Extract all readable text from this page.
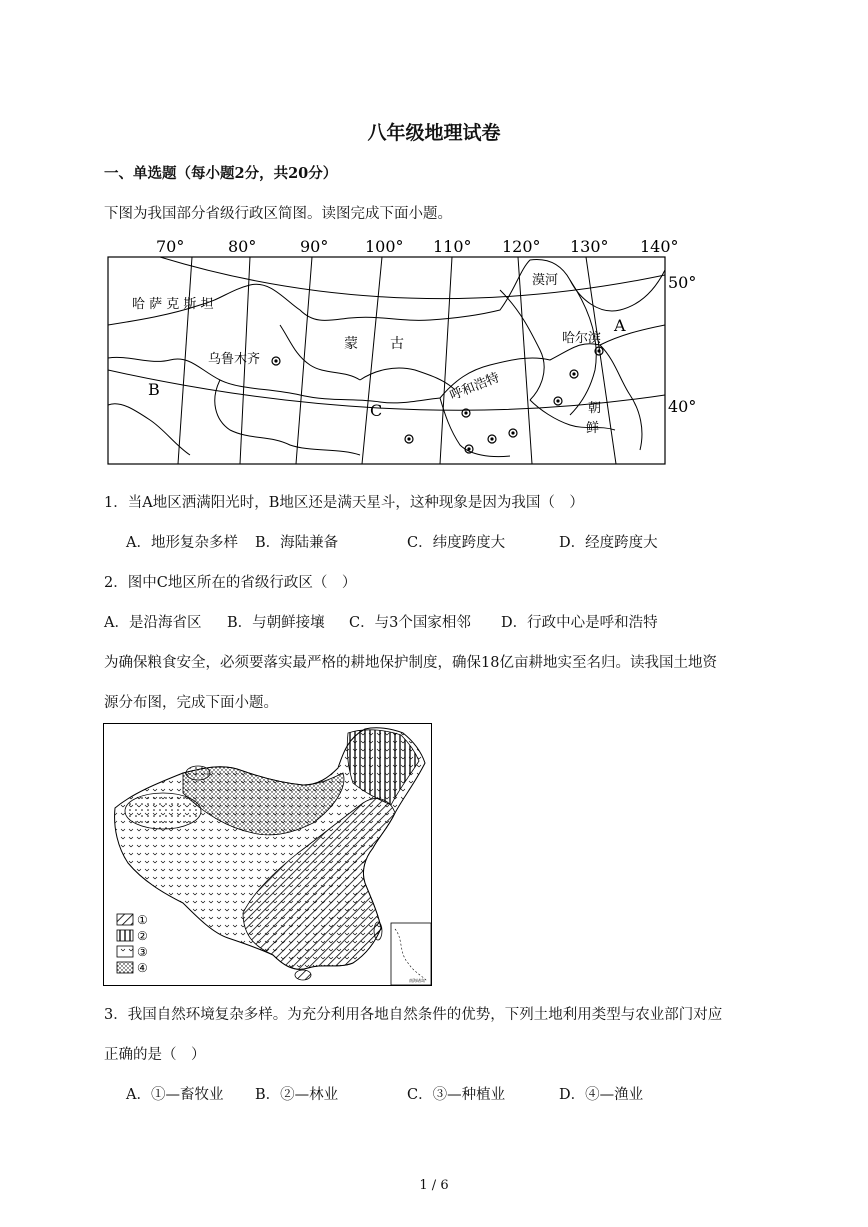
八年级地理试卷
一、单选题（每小题2分，共20分）
下图为我国部分省级行政区简图。读图完成下面小题。
70°	80°	90° 100° 110° 120° 130° 140°
50°
40°
哈 萨 克 斯 坦
蒙 古
乌鲁木齐
呼和浩特
哈尔滨
漠河
朝
鲜
A
B
C
1．当A地区洒满阳光时，B地区还是满天星斗，这种现象是因为我国（　）
A．地形复杂多样 B．海陆兼备	C．纬度跨度大	D．经度跨度大
2．图中C地区所在的省级行政区（　）
A．是沿海省区 B．与朝鲜接壤 C．与3个国家相邻 D．行政中心是呼和浩特
为确保粮食安全，必须要落实最严格的耕地保护制度，确保18亿亩耕地实至名归。读我国土地资
源分布图，完成下面小题。
①
②
③
④
南海诸岛
3．我国自然环境复杂多样。为充分利用各地自然条件的优势，下列土地利用类型与农业部门对应
正确的是（　）
A．①—畜牧业 B．②—林业	C．③—种植业	D．④—渔业
1 / 6
